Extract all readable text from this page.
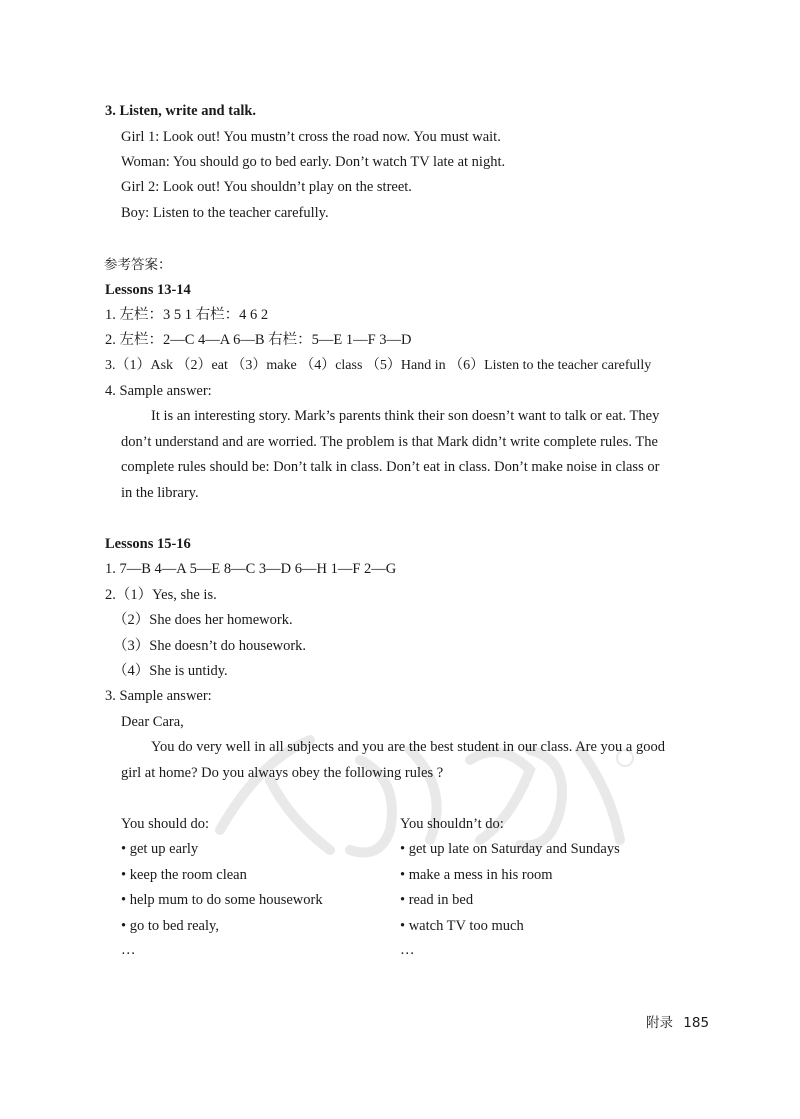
3. Listen, write and talk.
Girl 1: Look out! You mustn’t cross the road now. You must wait.
Woman: You should go to bed early. Don’t watch TV late at night.
Girl 2: Look out! You shouldn’t play on the street.
Boy: Listen to the teacher carefully.
参考答案：
Lessons 13-14
1. 左栏：3 5 1 右栏：4 6 2
2. 左栏：2—C 4—A 6—B 右栏：5—E 1—F 3—D
3.（1）Ask （2）eat （3）make （4）class （5）Hand in （6）Listen to the teacher carefully
4. Sample answer:
It is an interesting story. Mark’s parents think their son doesn’t want to talk or eat. They
don’t understand and are worried. The problem is that Mark didn’t write complete rules. The
complete rules should be: Don’t talk in class. Don’t eat in class. Don’t make noise in class or
in the library.
Lessons 15-16
1. 7—B 4—A 5—E 8—C 3—D 6—H 1—F 2—G
2.（1）Yes, she is.
（2）She does her homework.
（3）She doesn’t do housework.
（4）She is untidy.
3. Sample answer:
Dear Cara,
You do very well in all subjects and you are the best student in our class. Are you a good
girl at home? Do you always obey the following rules ?
You should do:
• get up early
• keep the room clean
• help mum to do some housework
• go to bed realy,
…
You shouldn’t do:
• get up late on Saturday and Sundays
• make a mess in his room
• read in bed
• watch TV too much
…
附录 185
